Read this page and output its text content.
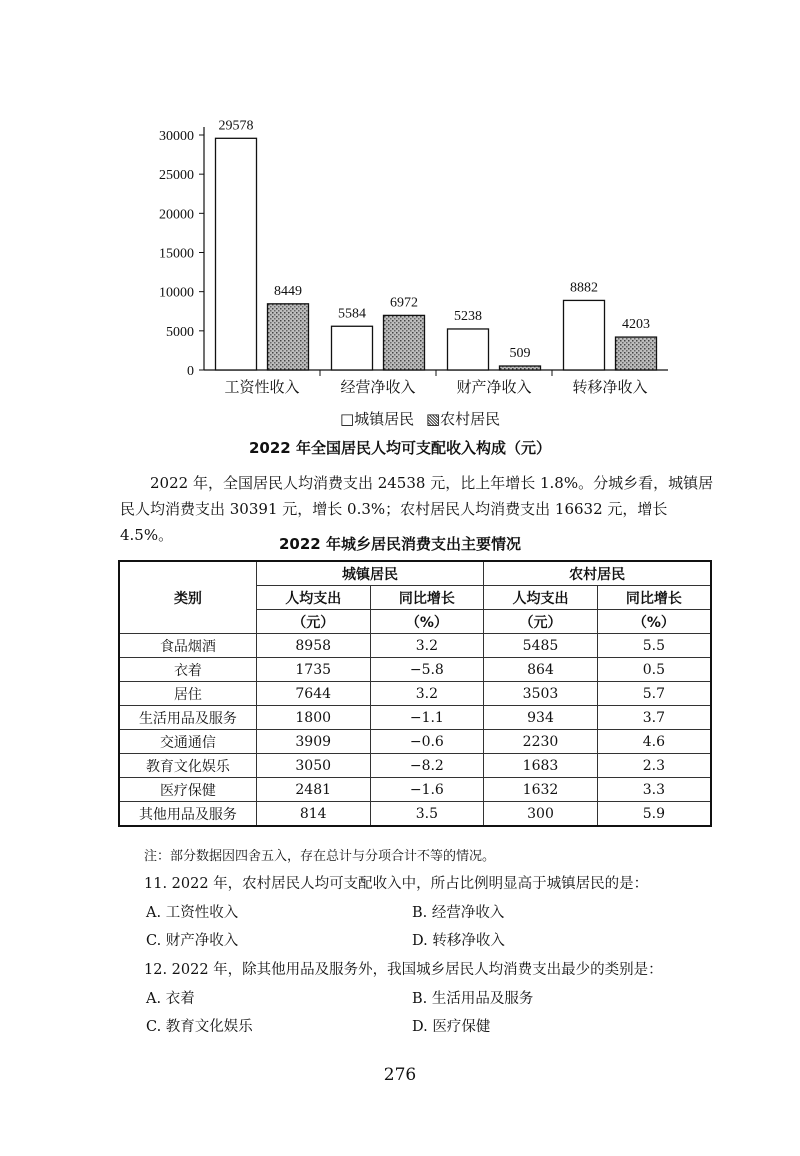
0
5000
10000
15000
20000
25000
30000
29578
8449
工资性收入
5584
6972
经营净收入
5238
509
财产净收入
8882
4203
转移净收入
□城镇居民 ▧农村居民
2022 年全国居民人均可支配收入构成（元）
2022 年，全国居民人均消费支出 24538 元，比上年增长 1.8%。分城乡看，城镇居民人均消费支出 30391 元，增长 0.3%；农村居民人均消费支出 16632 元，增长 4.5%。	2022 年城乡居民消费支出主要情况
类别	城镇居民		农村居民	
	人均支出	同比增长	人均支出	同比增长
	（元）	（%）	（元）	（%）
食品烟酒	8958	3.2	5485	5.5
衣着	1735	−5.8	864	0.5
居住	7644	3.2	3503	5.7
生活用品及服务	1800	−1.1	934	3.7
交通通信	3909	−0.6	2230	4.6
教育文化娱乐	3050	−8.2	1683	2.3
医疗保健	2481	−1.6	1632	3.3
其他用品及服务	814	3.5	300	5.9
注：部分数据因四舍五入，存在总计与分项合计不等的情况。
11. 2022 年，农村居民人均可支配收入中，所占比例明显高于城镇居民的是：
A. 工资性收入	B. 经营净收入
C. 财产净收入	D. 转移净收入
12. 2022 年，除其他用品及服务外，我国城乡居民人均消费支出最少的类别是：
A. 衣着	B. 生活用品及服务
C. 教育文化娱乐	D. 医疗保健
276
